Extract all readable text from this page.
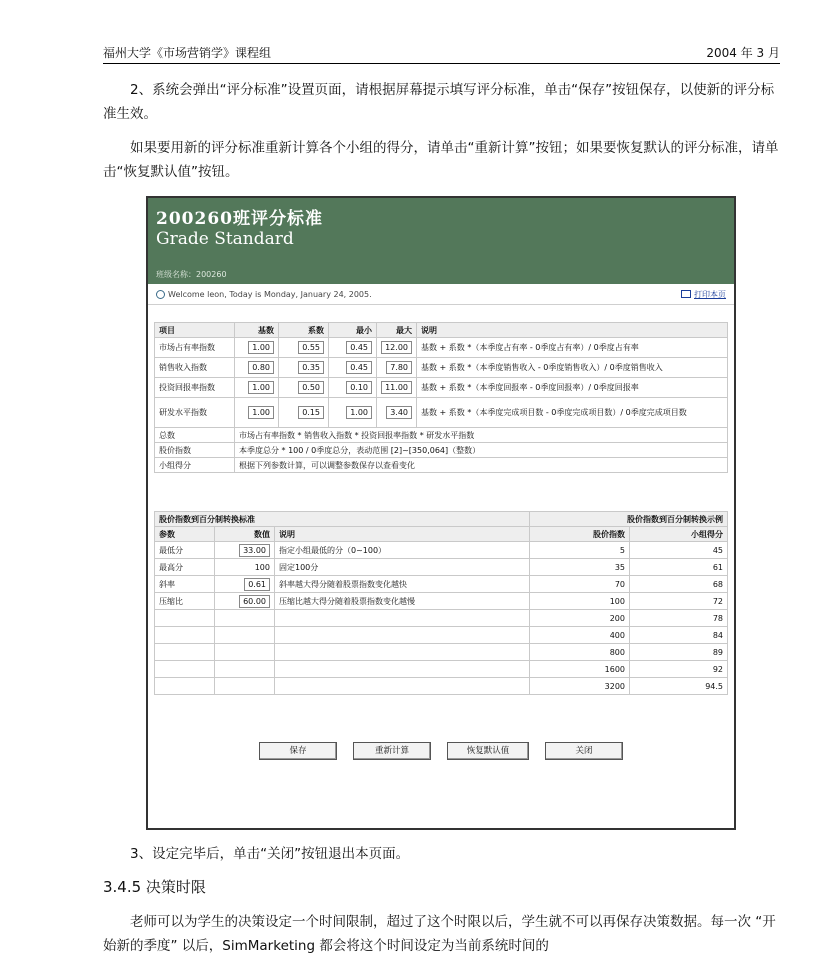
福州大学《市场营销学》课程组	2004 年 3 月
2、系统会弹出“评分标准”设置页面，请根据屏幕提示填写评分标准，单击“保存”按钮保存，以使新的评分标准生效。
如果要用新的评分标准重新计算各个小组的得分，请单击“重新计算”按钮；如果要恢复默认的评分标准，请单击“恢复默认值”按钮。
200260班评分标准
Grade Standard
班级名称：200260
Welcome leon, Today is Monday, January 24, 2005.	打印本页
项目	基数	系数	最小	最大	说明
市场占有率指数	1.00	0.55	0.45	12.00	基数 + 系数 *（本季度占有率 - 0季度占有率）/ 0季度占有率
销售收入指数	0.80	0.35	0.45	7.80	基数 + 系数 *（本季度销售收入 - 0季度销售收入）/ 0季度销售收入
投资回报率指数	1.00	0.50	0.10	11.00	基数 + 系数 *（本季度回报率 - 0季度回报率）/ 0季度回报率
研发水平指数	1.00	0.15	1.00	3.40	基数 + 系数 *（本季度完成项目数 - 0季度完成项目数）/ 0季度完成项目数
总数	市场占有率指数 * 销售收入指数 * 投资回报率指数 * 研发水平指数				
股价指数	本季度总分 * 100 / 0季度总分，表动范围 [2]~[350,064]（整数）				
小组得分	根据下列参数计算，可以调整参数保存以查看变化				
股价指数到百分制转换标准			股价指数到百分制转换示例	
参数	数值	说明	股价指数	小组得分
最低分	33.00	指定小组最低的分（0~100）	5	45
最高分	100	固定100分	35	61
斜率	0.61	斜率越大得分随着股票指数变化越快	70	68
压缩比	60.00	压缩比越大得分随着股票指数变化越慢	100	72
			200	78
			400	84
			800	89
			1600	92
			3200	94.5
保存	重新计算	恢复默认值	关闭
3、设定完毕后，单击“关闭”按钮退出本页面。
3.4.5 决策时限
老师可以为学生的决策设定一个时间限制，超过了这个时限以后，学生就不可以再保存决策数据。每一次 “开始新的季度” 以后，SimMarketing 都会将这个时间设定为当前系统时间的
